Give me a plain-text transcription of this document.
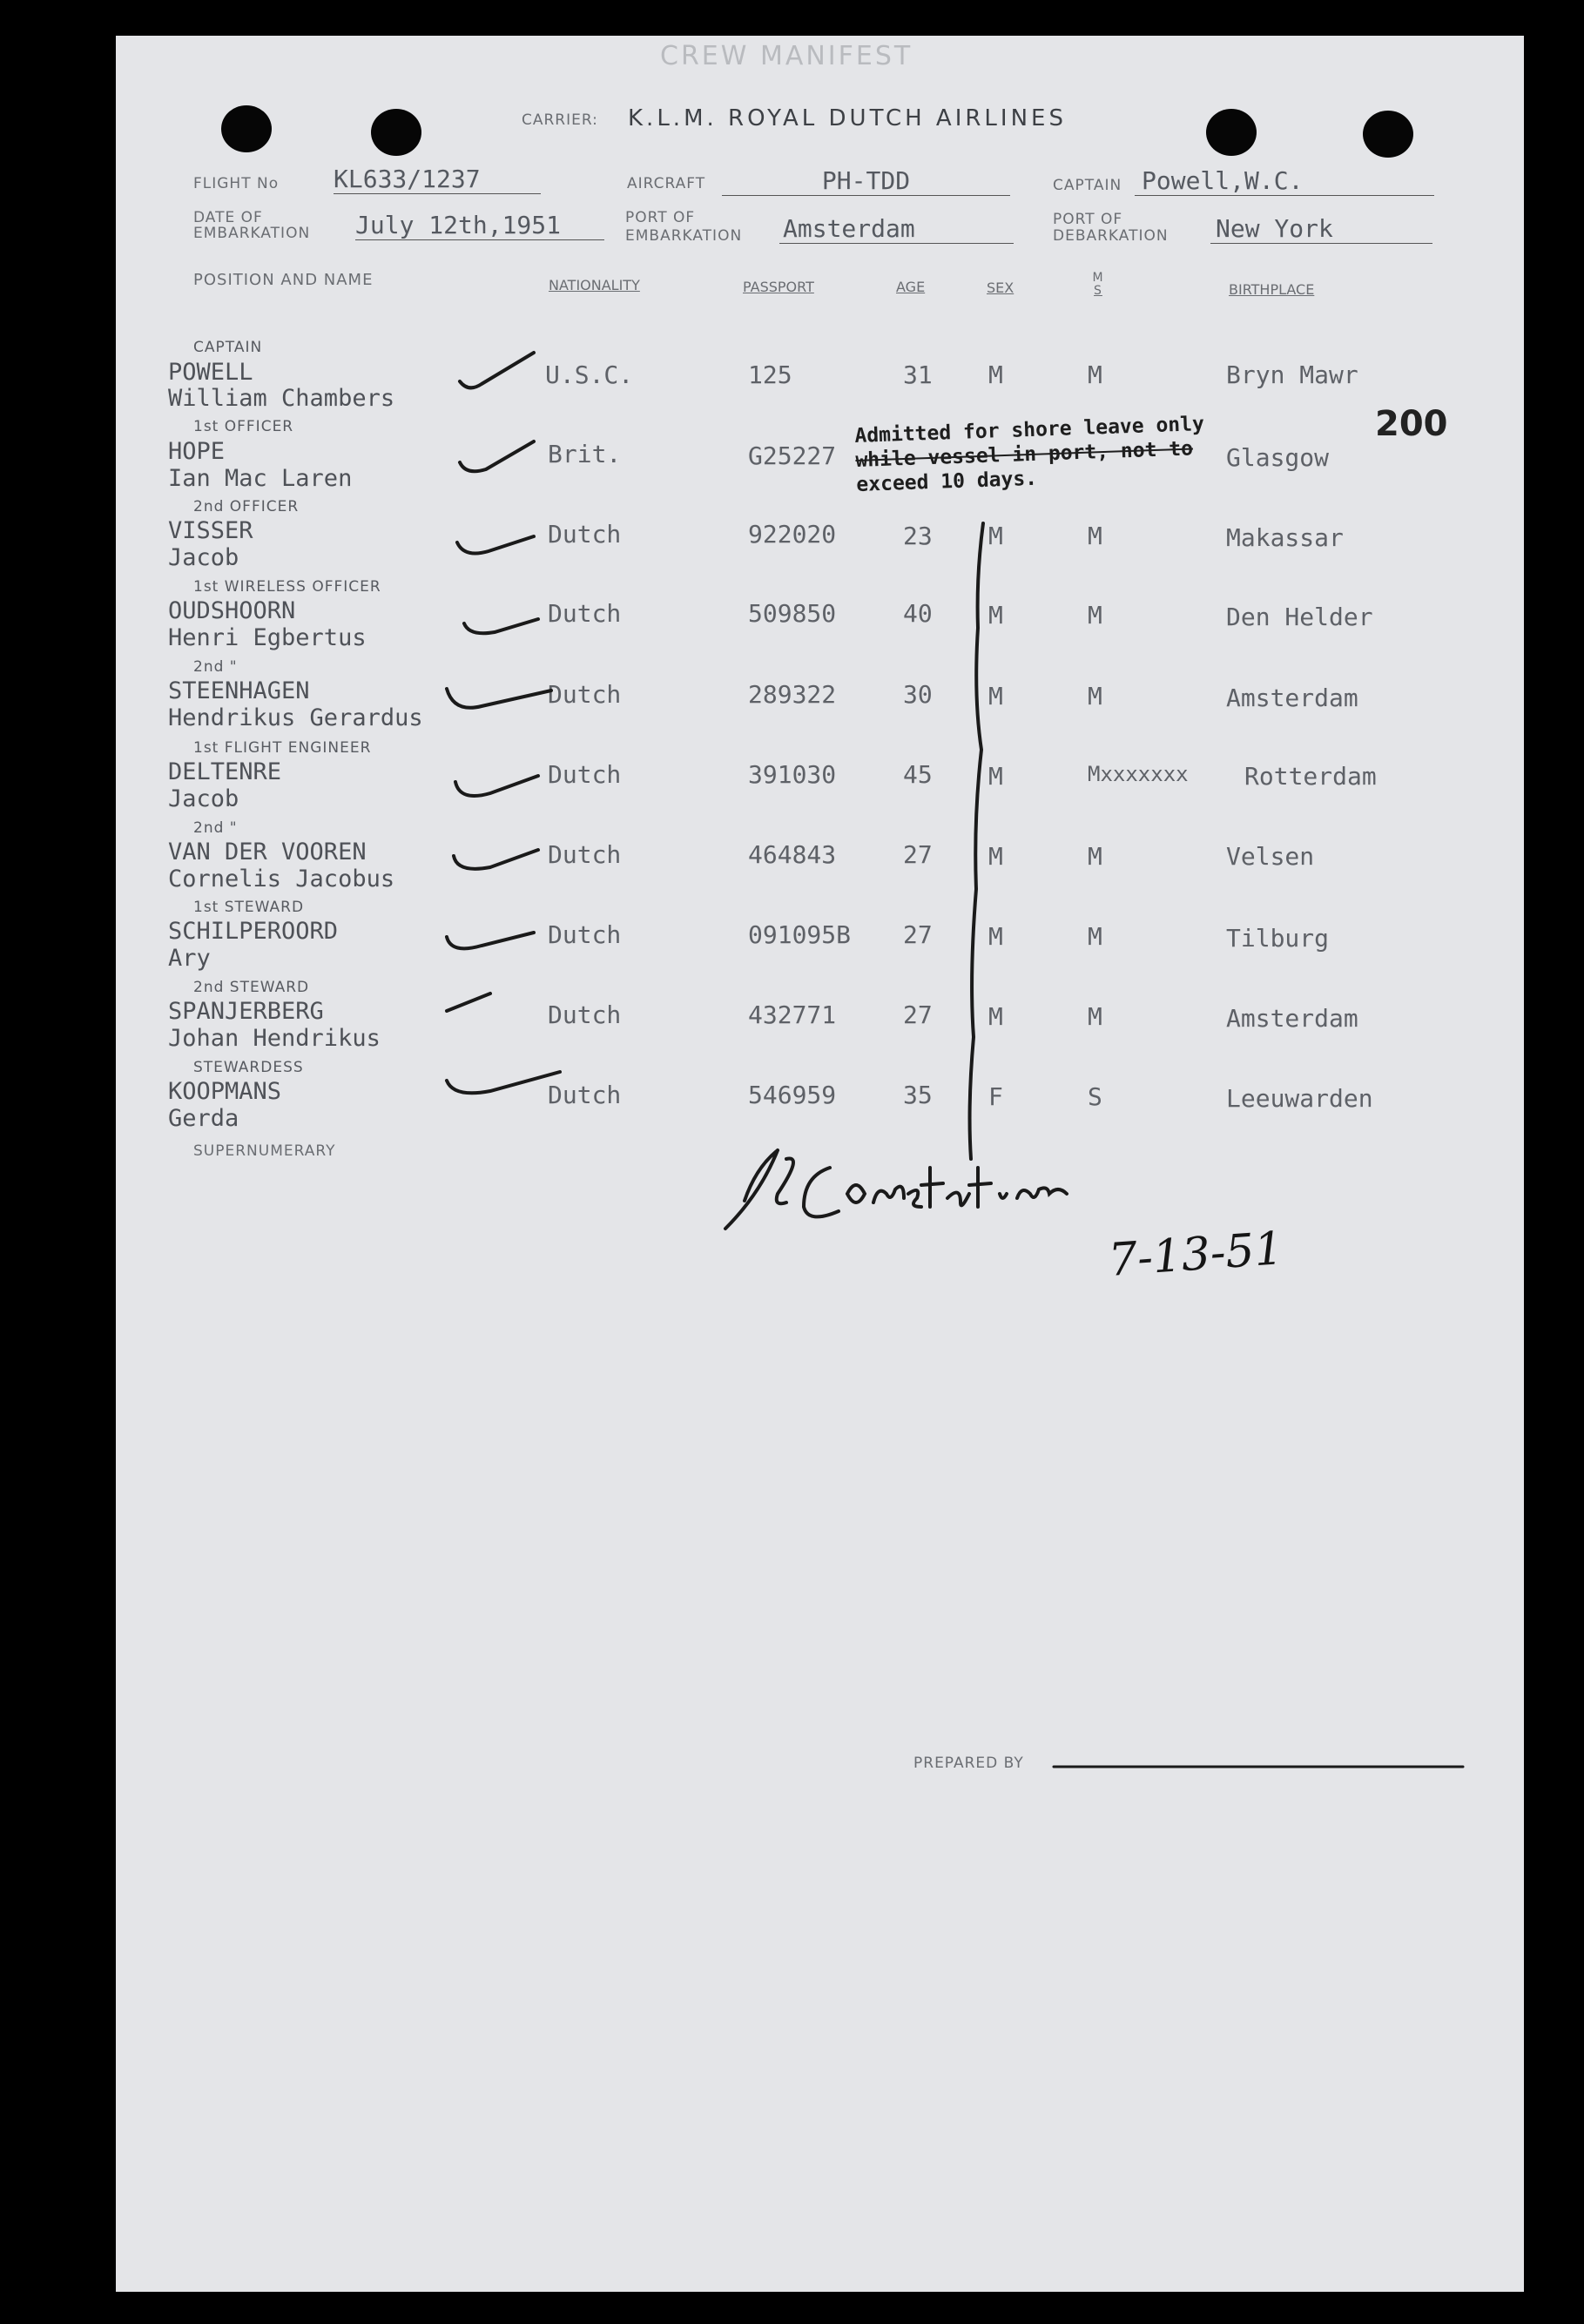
CREW MANIFEST
CARRIER: K.L.M. ROYAL DUTCH AIRLINES
FLIGHT No KL633/1237	AIRCRAFT	PH-TDD	CAPTAIN Powell,W.C.
DATE OF
EMBARKATION July 12th,1951	PORT OF
EMBARKATION Amsterdam	PORT OF
DEBARKATION New York
POSITION AND NAME	NATIONALITY	PASSPORT	AGE	SEX
M
S	BIRTHPLACE
CAPTAIN
POWELL
William Chambers
U.S.C.	125	31 M	M	Bryn Mawr
1st OFFICER
HOPE
Ian Mac Laren
Brit.	G25227	Glasgow
2nd OFFICER
VISSER
Jacob
Dutch	922020	23 M	M	Makassar
1st WIRELESS OFFICER
OUDSHOORN
Henri Egbertus
Dutch	509850	40 M	M	Den Helder
2nd "
STEENHAGEN
Hendrikus Gerardus
Dutch	289322	30 M	M	Amsterdam
1st FLIGHT ENGINEER
DELTENRE
Jacob
Dutch	391030	45 M	Mxxxxxxx Rotterdam
2nd "
VAN DER VOOREN
Cornelis Jacobus
Dutch	464843	27 M	M	Velsen
1st STEWARD
SCHILPEROORD
Ary
Dutch	091095B 27 M	M	Tilburg
2nd STEWARD
SPANJERBERG
Johan Hendrikus
Dutch	432771	27 M	M	Amsterdam
STEWARDESS
KOOPMANS
Gerda
Dutch	546959	35 F	S	Leeuwarden
SUPERNUMERARY
Admitted for shore leave only
while vessel in port, not to
exceed 10 days.
200
7-13-51
PREPARED BY
